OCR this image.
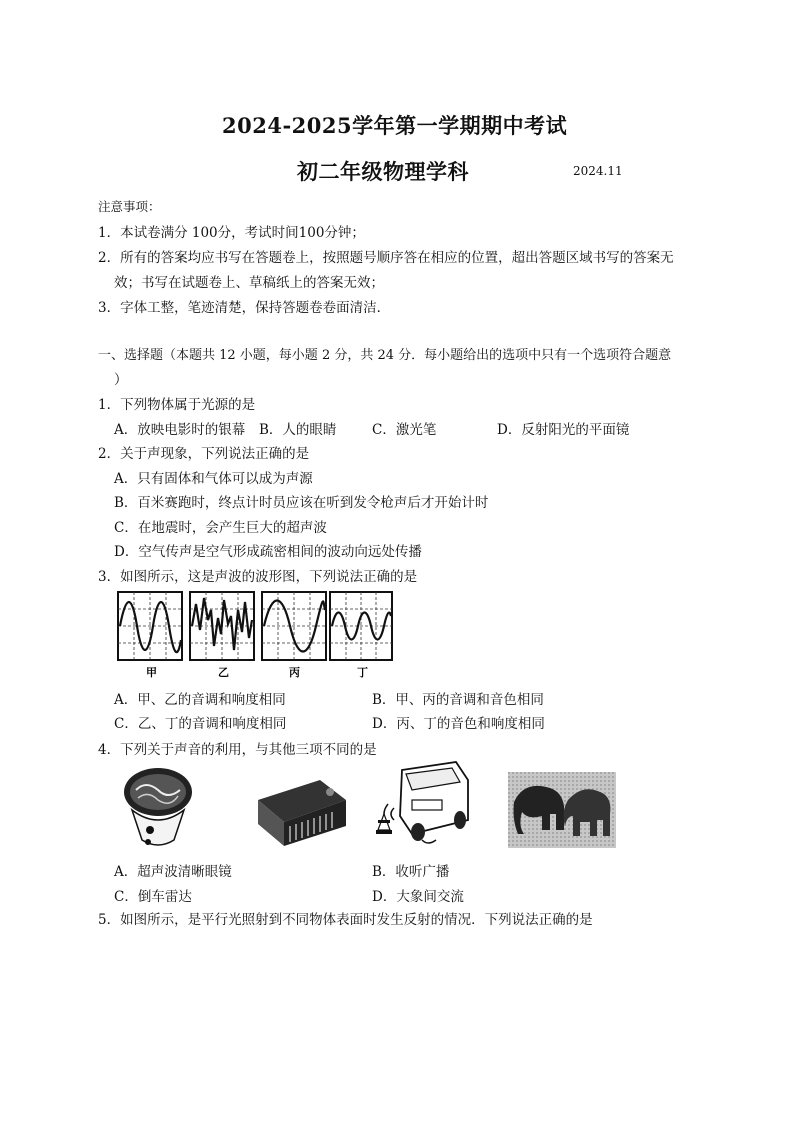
2024-2025学年第一学期期中考试
初二年级物理学科	2024.11
注意事项：
1．本试卷满分 100分，考试时间100分钟；
2．所有的答案均应书写在答题卷上，按照题号顺序答在相应的位置，超出答题区域书写的答案无
效；书写在试题卷上、草稿纸上的答案无效；
3．字体工整，笔迹清楚，保持答题卷卷面清洁．
一、选择题（本题共 12 小题，每小题 2 分，共 24 分．每小题给出的选项中只有一个选项符合题意
）
1．下列物体属于光源的是
A．放映电影时的银幕 B．人的眼睛	C．激光笔	D．反射阳光的平面镜
2．关于声现象，下列说法正确的是
A．只有固体和气体可以成为声源
B．百米赛跑时，终点计时员应该在听到发令枪声后才开始计时
C．在地震时，会产生巨大的超声波
D．空气传声是空气形成疏密相间的波动向远处传播
3．如图所示，这是声波的波形图，下列说法正确的是
甲	乙	丙	丁
A．甲、乙的音调和响度相同	B．甲、丙的音调和音色相同
C．乙、丁的音调和响度相同	D．丙、丁的音色和响度相同
4．下列关于声音的利用，与其他三项不同的是
A．超声波清晰眼镜	B．收听广播
C．倒车雷达	D．大象间交流
5．如图所示，是平行光照射到不同物体表面时发生反射的情况．下列说法正确的是
